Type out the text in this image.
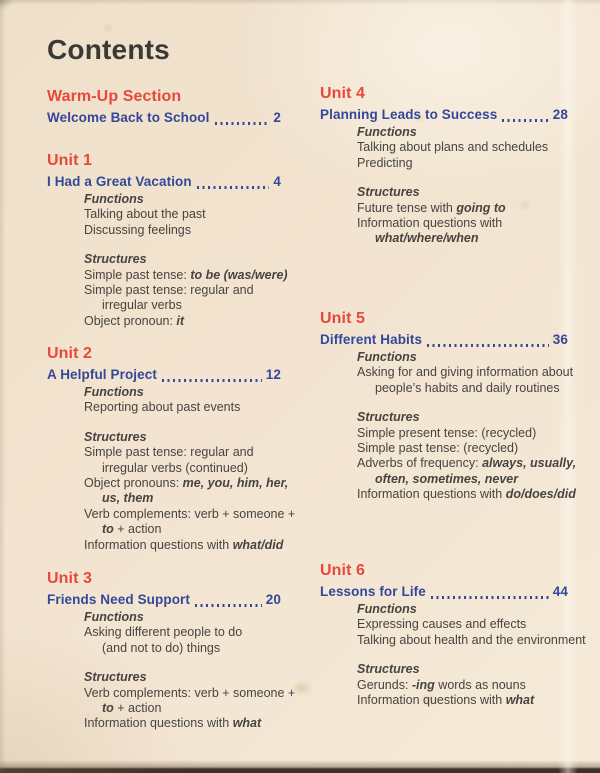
Contents
Warm-Up Section
Welcome Back to School	2
Unit 1
I Had a Great Vacation	4
Functions
Talking about the past
Discussing feelings
Structures
Simple past tense: to be (was/were)
Simple past tense: regular and
irregular verbs
Object pronoun: it
Unit 2
A Helpful Project	12
Functions
Reporting about past events
Structures
Simple past tense: regular and
irregular verbs (continued)
Object pronouns: me, you, him, her,
us, them
Verb complements: verb + someone +
to + action
Information questions with what/did
Unit 3
Friends Need Support	20
Functions
Asking different people to do
(and not to do) things
Structures
Verb complements: verb + someone +
to + action
Information questions with what
Unit 4
Planning Leads to Success	28
Functions
Talking about plans and schedules
Predicting
Structures
Future tense with going to
Information questions with
what/where/when
Unit 5
Different Habits	36
Functions
Asking for and giving information about
people’s habits and daily routines
Structures
Simple present tense: (recycled)
Simple past tense: (recycled)
Adverbs of frequency: always, usually,
often, sometimes, never
Information questions with do/does/did
Unit 6
Lessons for Life	44
Functions
Expressing causes and effects
Talking about health and the environment
Structures
Gerunds: -ing words as nouns
Information questions with what
